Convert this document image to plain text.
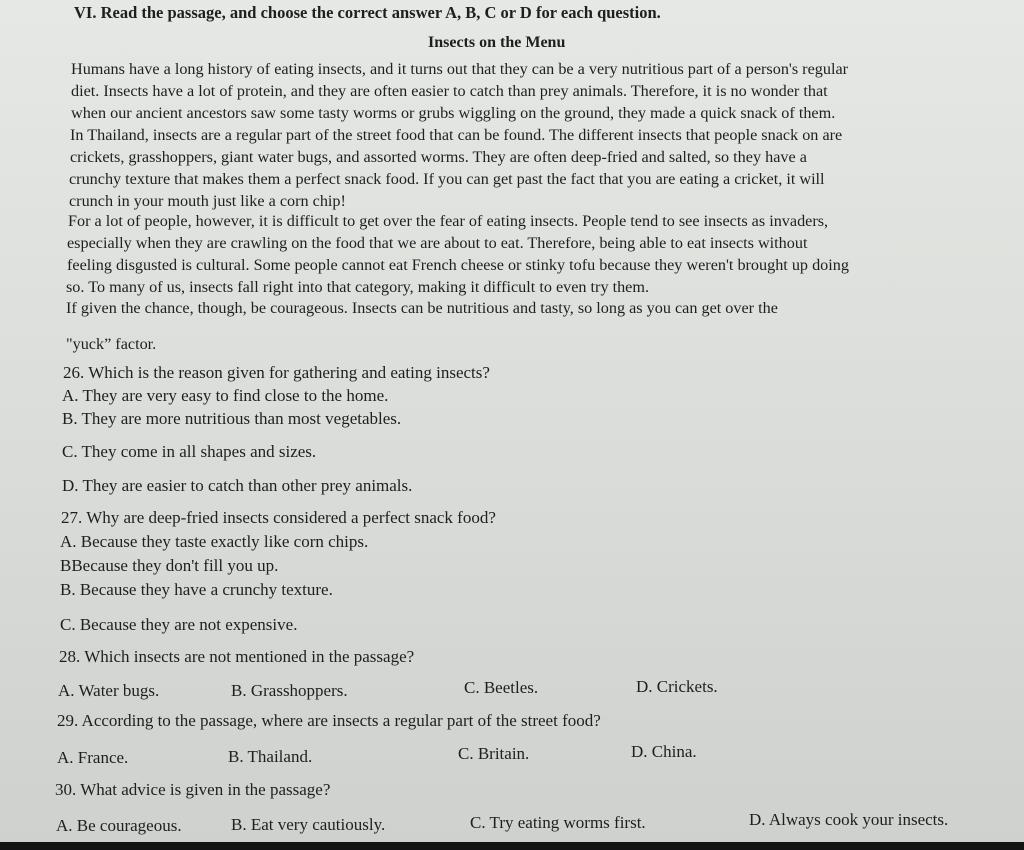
VI. Read the passage, and choose the correct answer A, B, C or D for each question.
Insects on the Menu
Humans have a long history of eating insects, and it turns out that they can be a very nutritious part of a person's regular
diet. Insects have a lot of protein, and they are often easier to catch than prey animals. Therefore, it is no wonder that
when our ancient ancestors saw some tasty worms or grubs wiggling on the ground, they made a quick snack of them.
In Thailand, insects are a regular part of the street food that can be found. The different insects that people snack on are
crickets, grasshoppers, giant water bugs, and assorted worms. They are often deep-fried and salted, so they have a
crunchy texture that makes them a perfect snack food. If you can get past the fact that you are eating a cricket, it will
crunch in your mouth just like a corn chip!
For a lot of people, however, it is difficult to get over the fear of eating insects. People tend to see insects as invaders,
especially when they are crawling on the food that we are about to eat. Therefore, being able to eat insects without
feeling disgusted is cultural. Some people cannot eat French cheese or stinky tofu because they weren't brought up doing
so. To many of us, insects fall right into that category, making it difficult to even try them.
If given the chance, though, be courageous. Insects can be nutritious and tasty, so long as you can get over the
"yuck” factor.
26. Which is the reason given for gathering and eating insects?
A. They are very easy to find close to the home.
B. They are more nutritious than most vegetables.
C. They come in all shapes and sizes.
D. They are easier to catch than other prey animals.
27. Why are deep-fried insects considered a perfect snack food?
A. Because they taste exactly like corn chips.
BBecause they don't fill you up.
B. Because they have a crunchy texture.
C. Because they are not expensive.
28. Which insects are not mentioned in the passage?
A. Water bugs.	B. Grasshoppers.	C. Beetles.	D. Crickets.
29. According to the passage, where are insects a regular part of the street food?
A. France.	B. Thailand.	C. Britain.	D. China.
30. What advice is given in the passage?
A. Be courageous.	B. Eat very cautiously.	C. Try eating worms first.	D. Always cook your insects.
